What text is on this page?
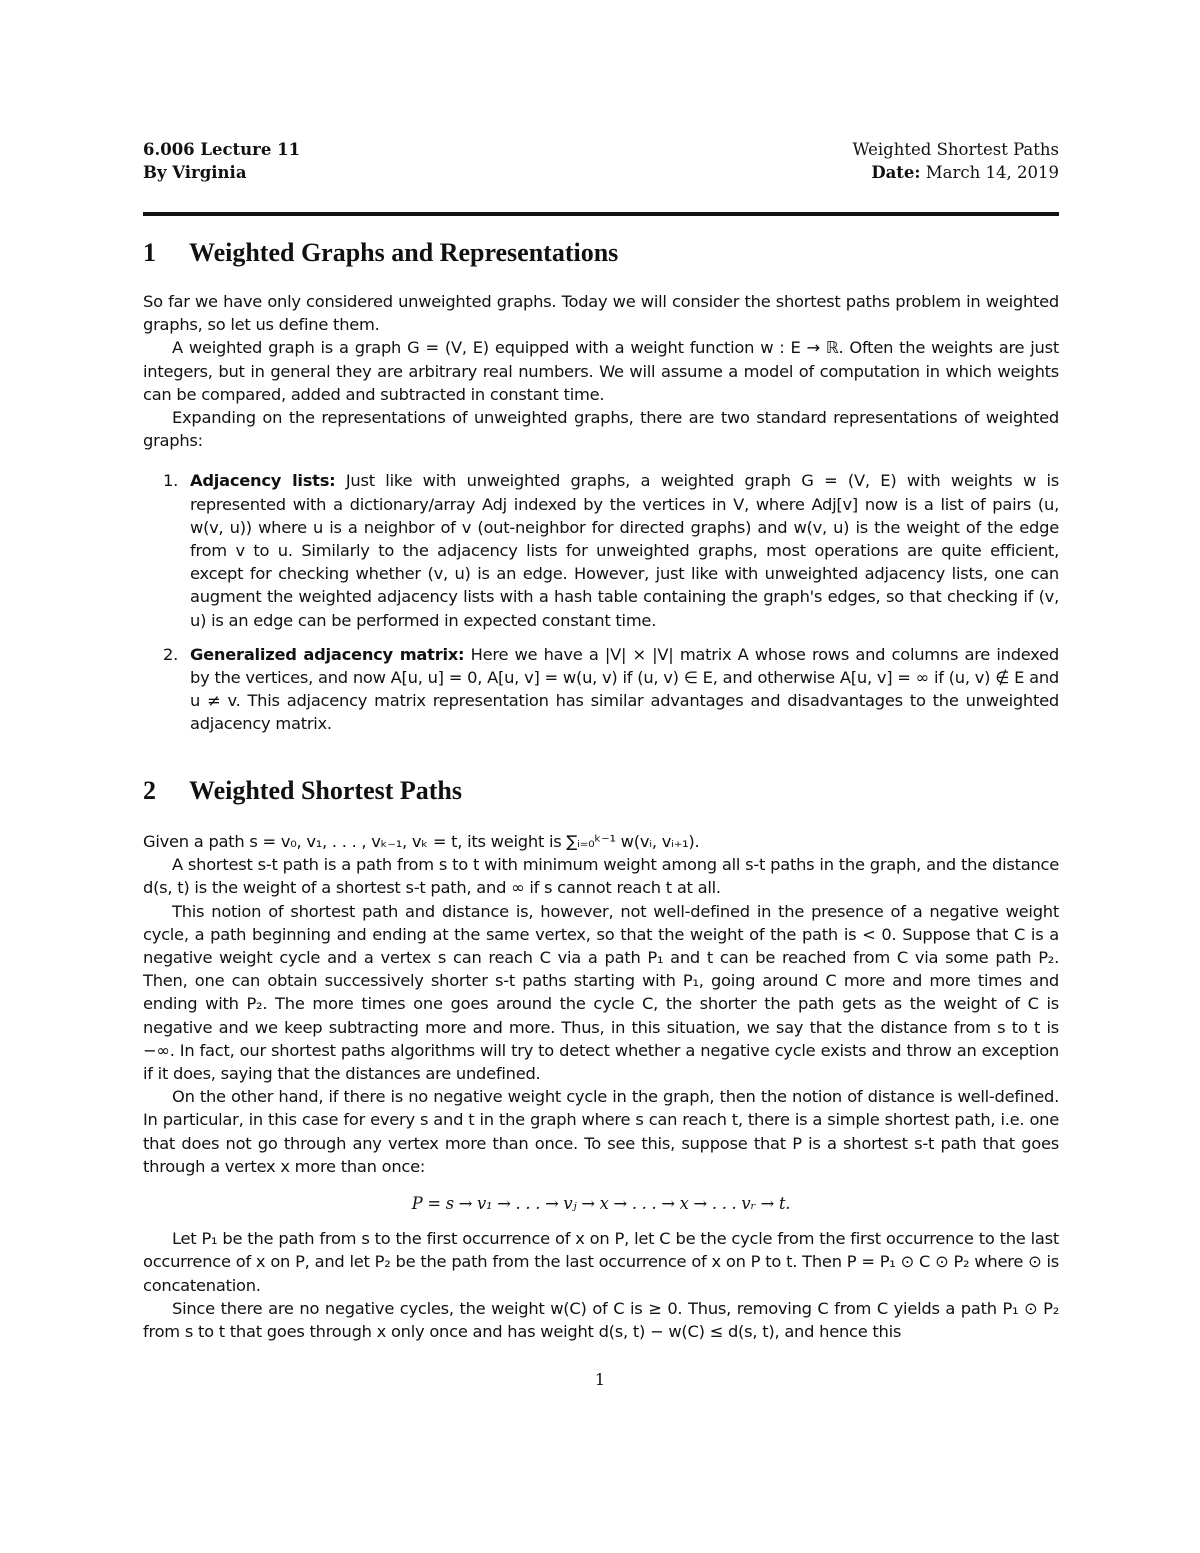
6.006 Lecture 11	Weighted Shortest Paths
By Virginia	Date: March 14, 2019
1 Weighted Graphs and Representations

So far we have only considered unweighted graphs. Today we will consider the shortest paths problem in weighted graphs, so let us define them.

A weighted graph is a graph G = (V, E) equipped with a weight function w : E → ℝ. Often the weights are just integers, but in general they are arbitrary real numbers. We will assume a model of computation in which weights can be compared, added and subtracted in constant time.

Expanding on the representations of unweighted graphs, there are two standard representations of weighted graphs:

1. Adjacency lists: Just like with unweighted graphs, a weighted graph G = (V, E) with weights w is represented with a dictionary/array Adj indexed by the vertices in V, where Adj[v] now is a list of pairs (u, w(v, u)) where u is a neighbor of v (out-neighbor for directed graphs) and w(v, u) is the weight of the edge from v to u. Similarly to the adjacency lists for unweighted graphs, most operations are quite efficient, except for checking whether (v, u) is an edge. However, just like with unweighted adjacency lists, one can augment the weighted adjacency lists with a hash table containing the graph's edges, so that checking if (v, u) is an edge can be performed in expected constant time.
2. Generalized adjacency matrix: Here we have a |V| × |V| matrix A whose rows and columns are indexed by the vertices, and now A[u, u] = 0, A[u, v] = w(u, v) if (u, v) ∈ E, and otherwise A[u, v] = ∞ if (u, v) ∉ E and u ≠ v. This adjacency matrix representation has similar advantages and disadvantages to the unweighted adjacency matrix.
2 Weighted Shortest Paths

Given a path s = v₀, v₁, . . . , vₖ₋₁, vₖ = t, its weight is ∑ᵢ₌₀ᵏ⁻¹ w(vᵢ, vᵢ₊₁).

A shortest s-t path is a path from s to t with minimum weight among all s-t paths in the graph, and the distance d(s, t) is the weight of a shortest s-t path, and ∞ if s cannot reach t at all.

This notion of shortest path and distance is, however, not well-defined in the presence of a negative weight cycle, a path beginning and ending at the same vertex, so that the weight of the path is < 0. Suppose that C is a negative weight cycle and a vertex s can reach C via a path P₁ and t can be reached from C via some path P₂. Then, one can obtain successively shorter s-t paths starting with P₁, going around C more and more times and ending with P₂. The more times one goes around the cycle C, the shorter the path gets as the weight of C is negative and we keep subtracting more and more. Thus, in this situation, we say that the distance from s to t is −∞. In fact, our shortest paths algorithms will try to detect whether a negative cycle exists and throw an exception if it does, saying that the distances are undefined.

On the other hand, if there is no negative weight cycle in the graph, then the notion of distance is well-defined. In particular, in this case for every s and t in the graph where s can reach t, there is a simple shortest path, i.e. one that does not go through any vertex more than once. To see this, suppose that P is a shortest s-t path that goes through a vertex x more than once:

P = s → v₁ → . . . → vⱼ → x → . . . → x → . . . vᵣ → t.

Let P₁ be the path from s to the first occurrence of x on P, let C be the cycle from the first occurrence to the last occurrence of x on P, and let P₂ be the path from the last occurrence of x on P to t. Then P = P₁ ⊙ C ⊙ P₂ where ⊙ is concatenation.

Since there are no negative cycles, the weight w(C) of C is ≥ 0. Thus, removing C from C yields a path P₁ ⊙ P₂ from s to t that goes through x only once and has weight d(s, t) − w(C) ≤ d(s, t), and hence this

1
